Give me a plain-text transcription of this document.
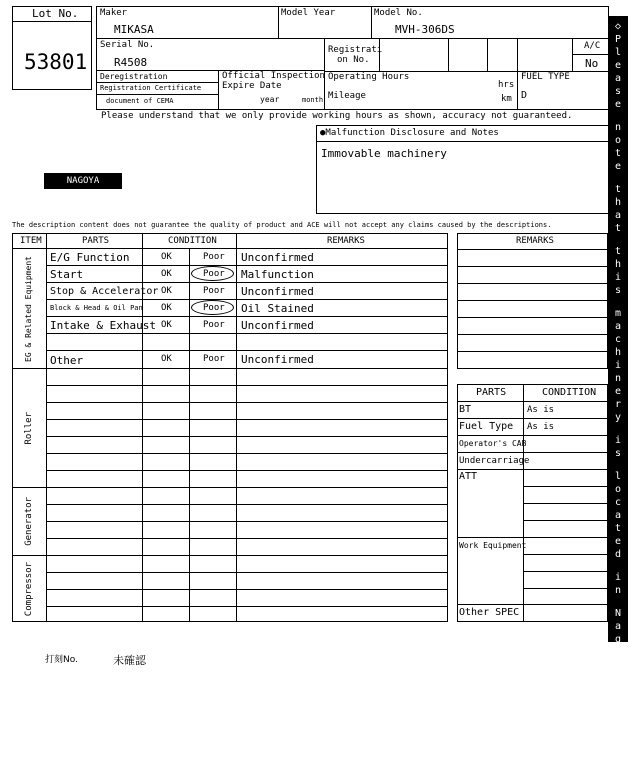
Lot No.
53801
Maker
MIKASA
Model Year	Model No.
MVH-306DS
Serial No.
R4508
Registrati
on No.
A/C
No
Deregistration
Registration Certificate
document of CEMA
Official Inspection
Expire Date
year	month
Operating Hours
hrs
Mileage	km
FUEL TYPE
D
Please understand that we only provide working hours as shown, accuracy not guaranteed.
●Malfunction Disclosure and Notes
Immovable machinery
NAGOYA
The description content does not guarantee the quality of product and ACE will not accept any claims caused by the descriptions.
ITEM	PARTS	CONDITION	REMARKS
EG & Related Equipment
Roller
Generator
Compressor
E/G Function	OK	Poor Unconfirmed
Start	OK	Poor Malfunction
Stop & Accelerator OK	Poor Unconfirmed
Block & Head & Oil Pan OK	Poor Oil Stained
Intake & Exhaust OK	Poor Unconfirmed
Other	OK	Poor Unconfirmed
REMARKS
PARTS	CONDITION
BT	As is
Fuel Type As is
Operator's CAB
Undercarriage
ATT
Work Equipment
Other SPEC
◇
P
l
e
a
s
e

n
o
t
e

t
h
a
t

t
h
i
s

m
a
c
h
i
n
e
r
y

i
s

l
o
c
a
t
e
d

i
n

N
a
g
o
y
a

Y
a
r
d
◇
打刻No.	未確認
